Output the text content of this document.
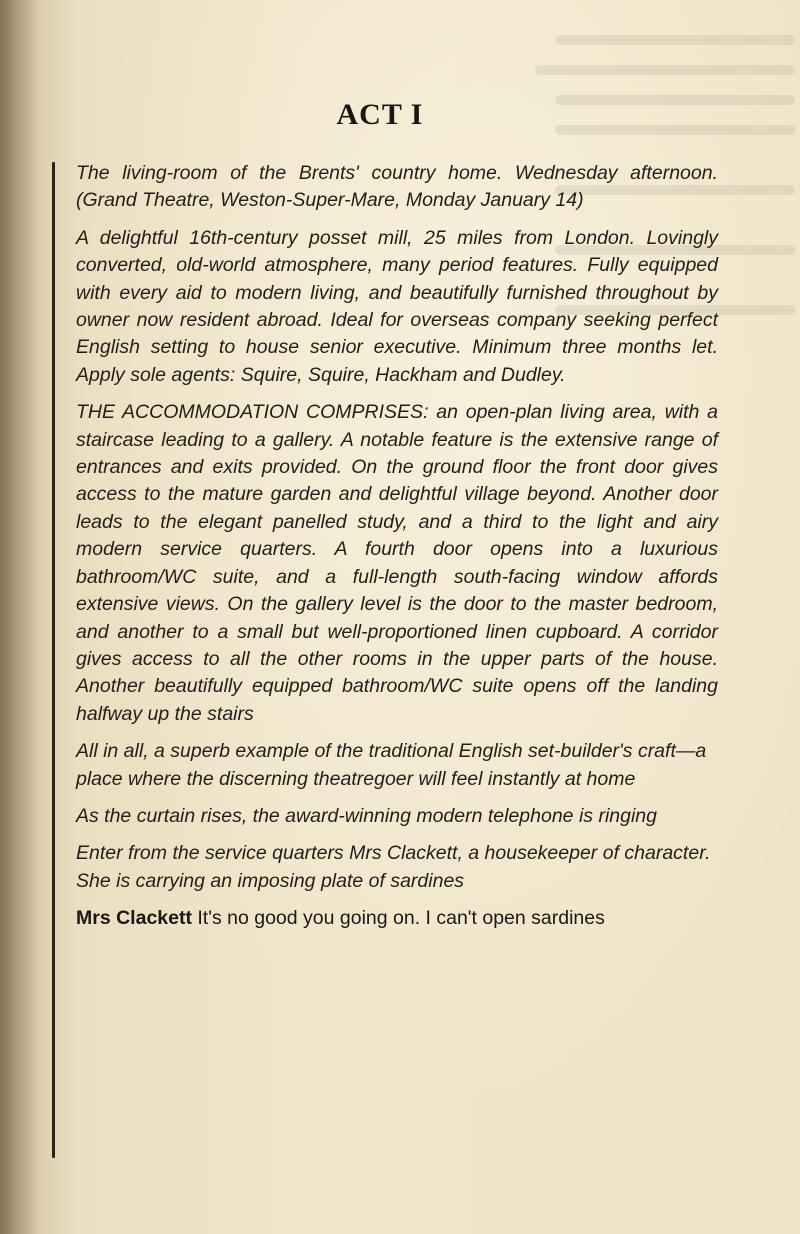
ACT I

The living-room of the Brents' country home. Wednesday afternoon. (Grand Theatre, Weston-Super-Mare, Monday January 14)

A delightful 16th-century posset mill, 25 miles from London. Lovingly converted, old-world atmosphere, many period features. Fully equipped with every aid to modern living, and beautifully furnished throughout by owner now resident abroad. Ideal for overseas company seeking perfect English setting to house senior executive. Minimum three months let. Apply sole agents: Squire, Squire, Hackham and Dudley.

THE ACCOMMODATION COMPRISES: an open-plan living area, with a staircase leading to a gallery. A notable feature is the extensive range of entrances and exits provided. On the ground floor the front door gives access to the mature garden and delightful village beyond. Another door leads to the elegant panelled study, and a third to the light and airy modern service quarters. A fourth door opens into a luxurious bathroom/WC suite, and a full-length south-facing window affords extensive views. On the gallery level is the door to the master bedroom, and another to a small but well-proportioned linen cupboard. A corridor gives access to all the other rooms in the upper parts of the house. Another beautifully equipped bathroom/WC suite opens off the landing halfway up the stairs

All in all, a superb example of the traditional English set-builder's craft—a place where the discerning theatregoer will feel instantly at home

As the curtain rises, the award-winning modern telephone is ringing

Enter from the service quarters Mrs Clackett, a housekeeper of character. She is carrying an imposing plate of sardines

Mrs Clackett It's no good you going on. I can't open sardines
